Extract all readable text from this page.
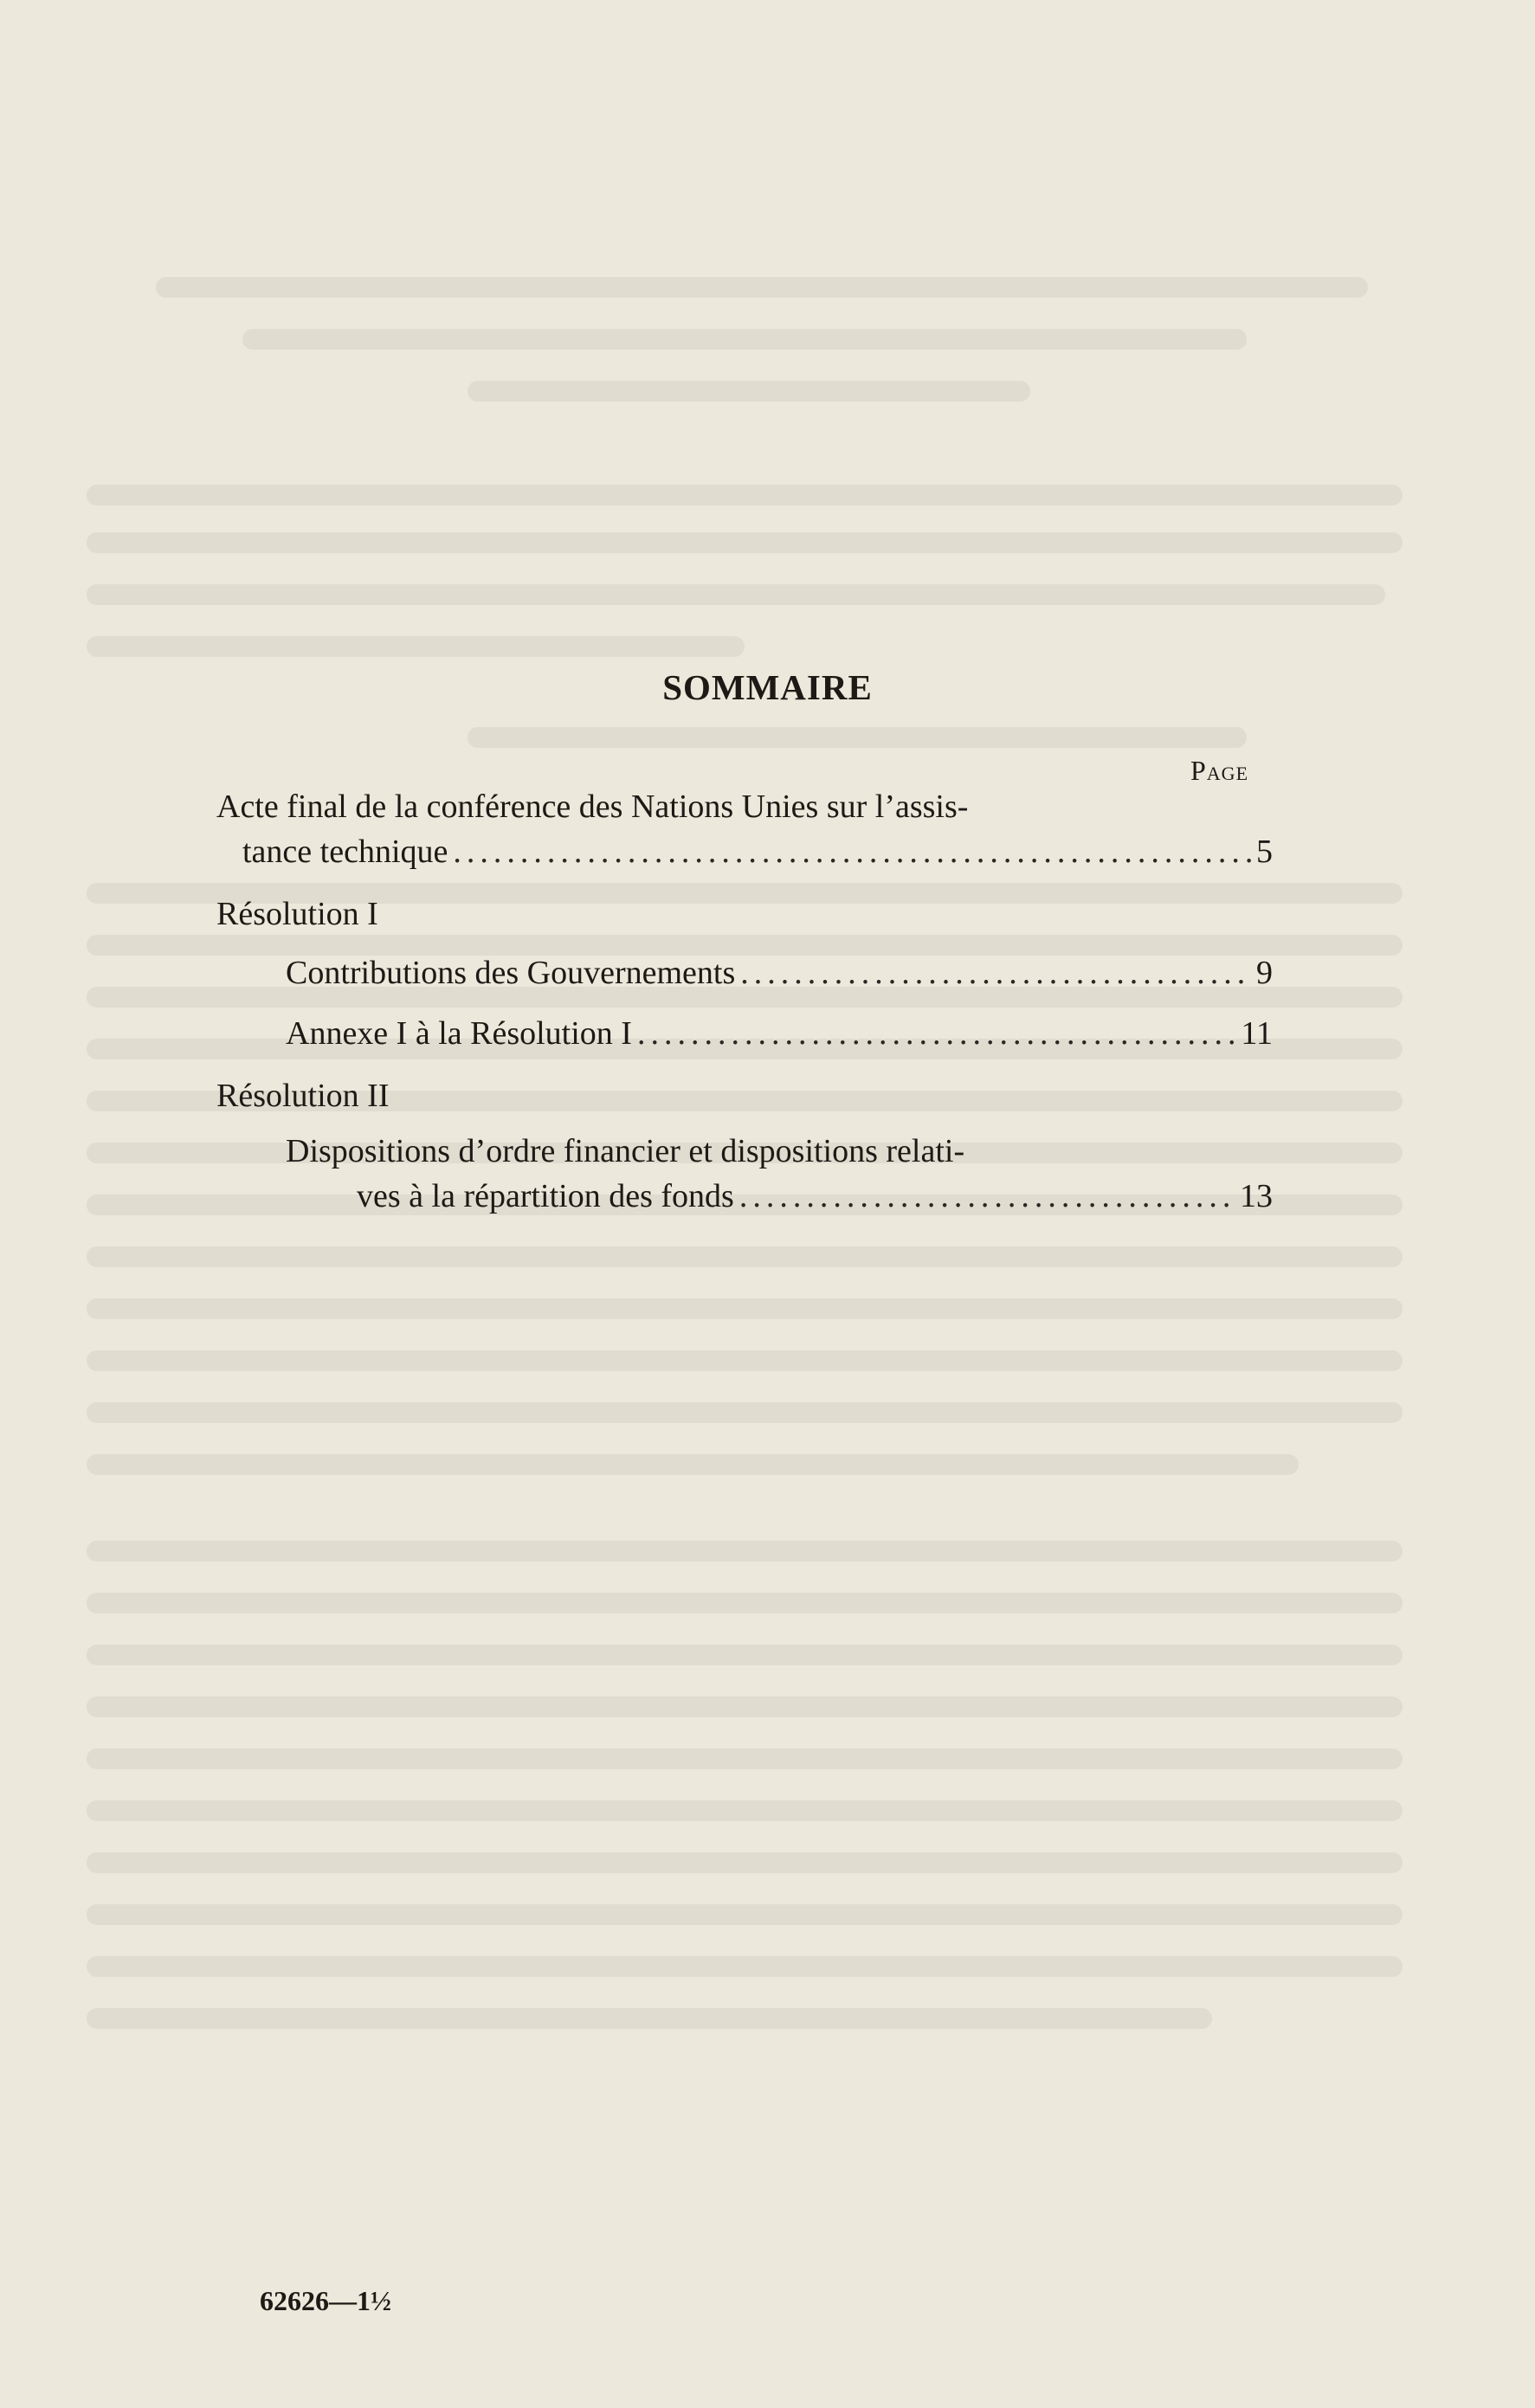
SOMMAIRE
Page
Acte final de la conférence des Nations Unies sur l’assis-
tance technique .....	5
Résolution I
Contributions des Gouvernements .....	9
Annexe I à la Résolution I .....	11
Résolution II
Dispositions d’ordre financier et dispositions relati-
ves à la répartition des fonds .....	13
62626—1½
